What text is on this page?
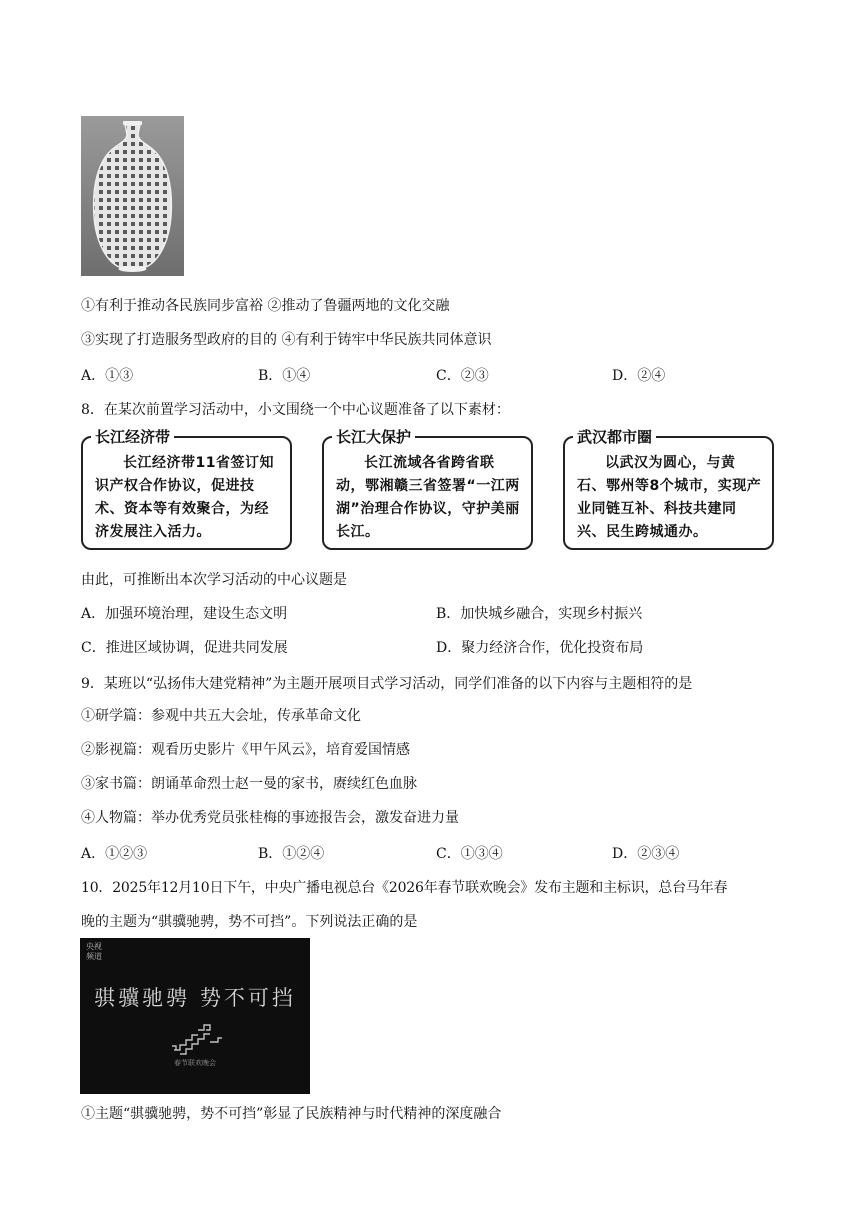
①有利于推动各民族同步富裕 ②推动了鲁疆两地的文化交融
③实现了打造服务型政府的目的 ④有利于铸牢中华民族共同体意识
A．①③	B．①④	C．②③	D．②④
8．在某次前置学习活动中，小文围绕一个中心议题准备了以下素材：
长江经济带
长江经济带11省签订知识产权合作协议，促进技术、资本等有效聚合，为经济发展注入活力。
长江大保护
长江流域各省跨省联动，鄂湘赣三省签署“一江两湖”治理合作协议，守护美丽长江。
武汉都市圈
以武汉为圆心，与黄石、鄂州等8个城市，实现产业同链互补、科技共建同兴、民生跨城通办。
由此，可推断出本次学习活动的中心议题是
A．加强环境治理，建设生态文明	B．加快城乡融合，实现乡村振兴
C．推进区域协调，促进共同发展	D．聚力经济合作，优化投资布局
9．某班以“弘扬伟大建党精神”为主题开展项目式学习活动，同学们准备的以下内容与主题相符的是
①研学篇：参观中共五大会址，传承革命文化
②影视篇：观看历史影片《甲午风云》，培育爱国情感
③家书篇：朗诵革命烈士赵一曼的家书，赓续红色血脉
④人物篇：举办优秀党员张桂梅的事迹报告会，激发奋进力量
A．①②③	B．①②④	C．①③④	D．②③④
10．2025年12月10日下午，中央广播电视总台《2026年春节联欢晚会》发布主题和主标识，总台马年春
晚的主题为“骐骥驰骋，势不可挡”。下列说法正确的是
央视
频道
骐骥驰骋 势不可挡
春节联欢晚会
①主题“骐骥驰骋，势不可挡”彰显了民族精神与时代精神的深度融合
